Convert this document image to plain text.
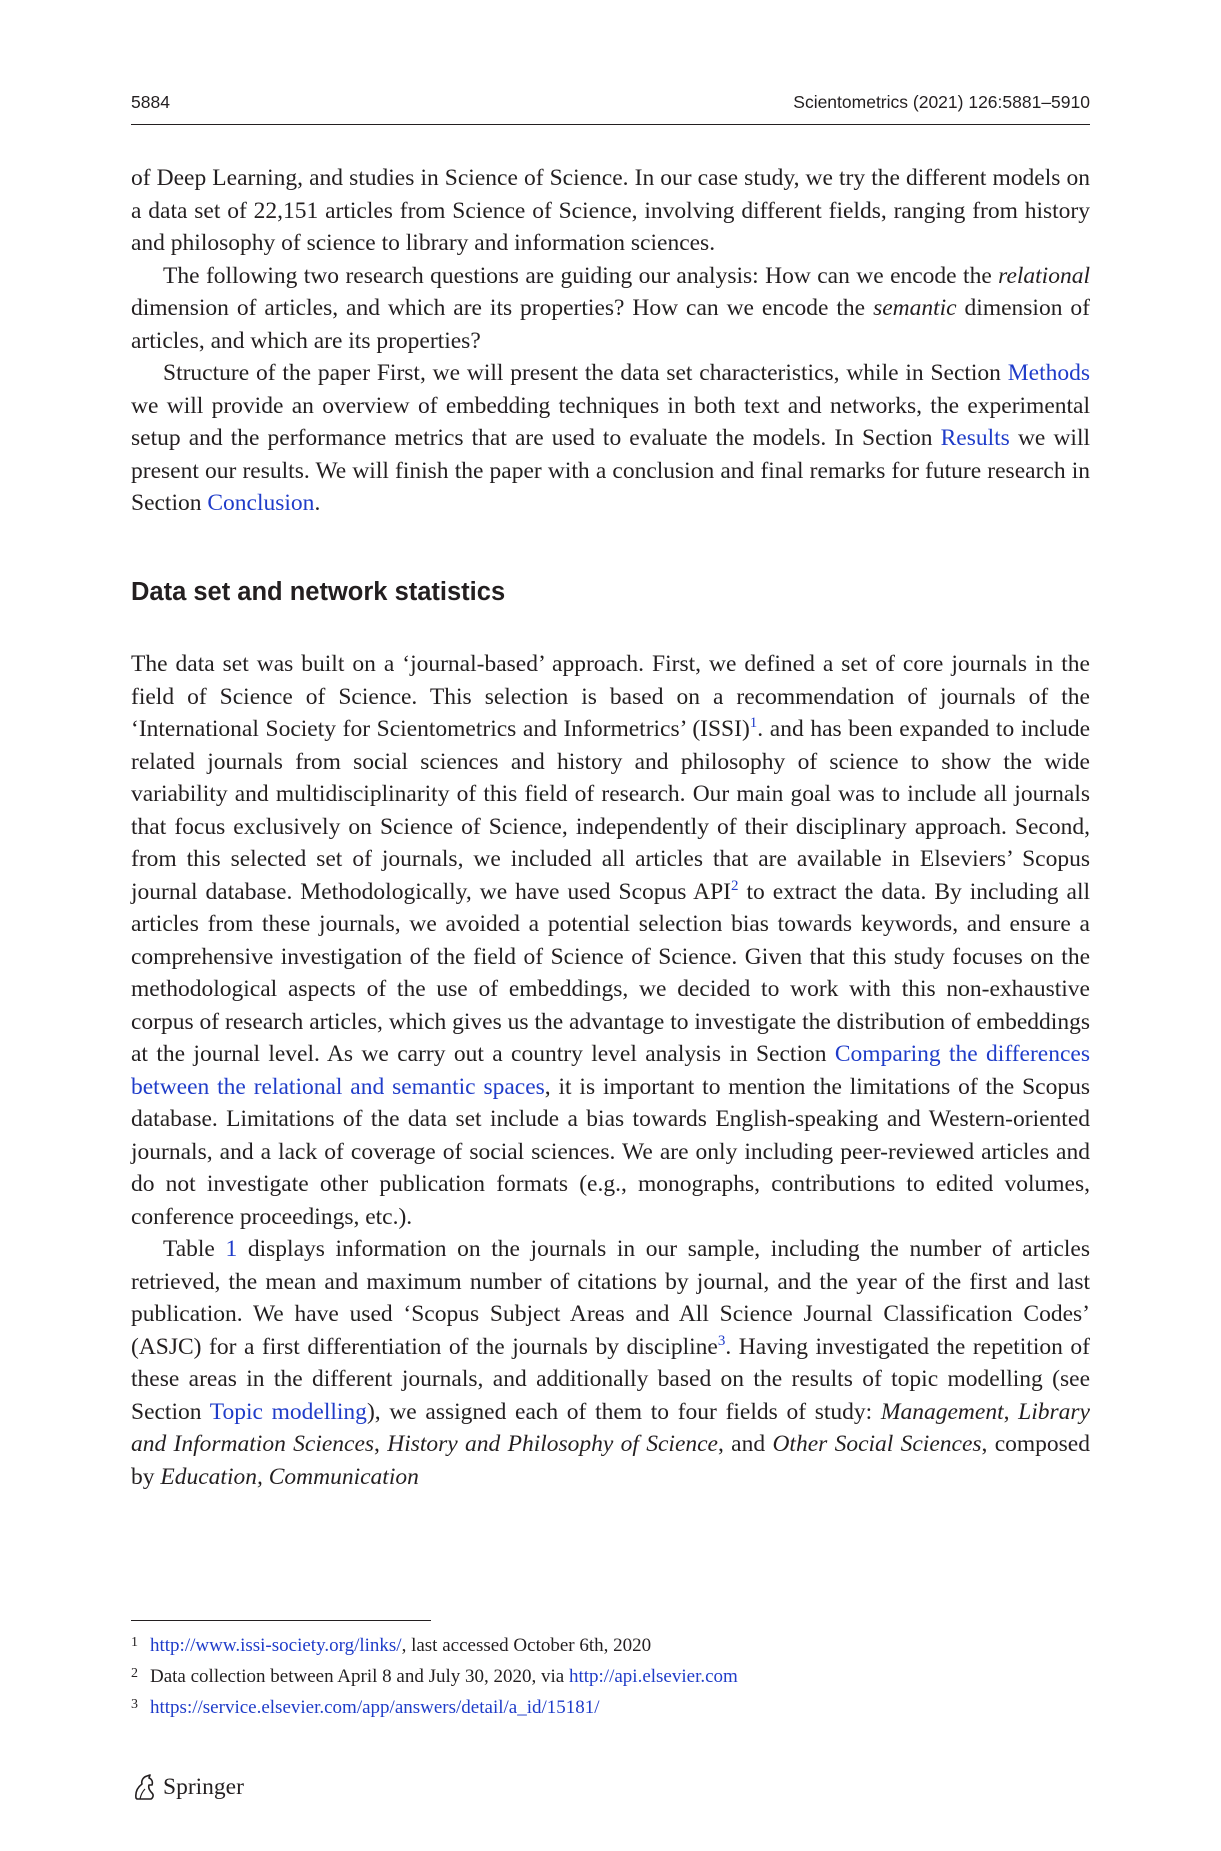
5884	Scientometrics (2021) 126:5881–5910

of Deep Learning, and studies in Science of Science. In our case study, we try the different models on a data set of 22,151 articles from Science of Science, involving different fields, ranging from history and philosophy of science to library and information sciences.

The following two research questions are guiding our analysis: How can we encode the relational dimension of articles, and which are its properties? How can we encode the semantic dimension of articles, and which are its properties?

Structure of the paper First, we will present the data set characteristics, while in Section Methods we will provide an overview of embedding techniques in both text and networks, the experimental setup and the performance metrics that are used to evaluate the models. In Section Results we will present our results. We will finish the paper with a conclusion and final remarks for future research in Section Conclusion.

Data set and network statistics

The data set was built on a ‘journal-based’ approach. First, we defined a set of core journals in the field of Science of Science. This selection is based on a recommendation of journals of the ‘International Society for Scientometrics and Informetrics’ (ISSI)$^1$. and has been expanded to include related journals from social sciences and history and philosophy of science to show the wide variability and multidisciplinarity of this field of research. Our main goal was to include all journals that focus exclusively on Science of Science, independently of their disciplinary approach. Second, from this selected set of journals, we included all articles that are available in Elseviers’ Scopus journal database. Methodologically, we have used Scopus API$^2$ to extract the data. By including all articles from these journals, we avoided a potential selection bias towards keywords, and ensure a comprehensive investigation of the field of Science of Science. Given that this study focuses on the methodological aspects of the use of embeddings, we decided to work with this non-exhaustive corpus of research articles, which gives us the advantage to investigate the distribution of embeddings at the journal level. As we carry out a country level analysis in Section Comparing the differences between the relational and semantic spaces, it is important to mention the limitations of the Scopus database. Limitations of the data set include a bias towards English-speaking and Western-oriented journals, and a lack of coverage of social sciences. We are only including peer-reviewed articles and do not investigate other publication formats (e.g., monographs, contributions to edited volumes, conference proceedings, etc.).

Table 1 displays information on the journals in our sample, including the number of articles retrieved, the mean and maximum number of citations by journal, and the year of the first and last publication. We have used ‘Scopus Subject Areas and All Science Journal Classification Codes’ (ASJC) for a first differentiation of the journals by discipline$^3$. Having investigated the repetition of these areas in the different journals, and additionally based on the results of topic modelling (see Section Topic modelling), we assigned each of them to four fields of study: Management, Library and Information Sciences, History and Philosophy of Science, and Other Social Sciences, composed by Education, Communication

1 http://www.issi-society.org/links/, last accessed October 6th, 2020

2 Data collection between April 8 and July 30, 2020, via http://api.elsevier.com

3 https://service.elsevier.com/app/answers/detail/a_id/15181/

Springer
